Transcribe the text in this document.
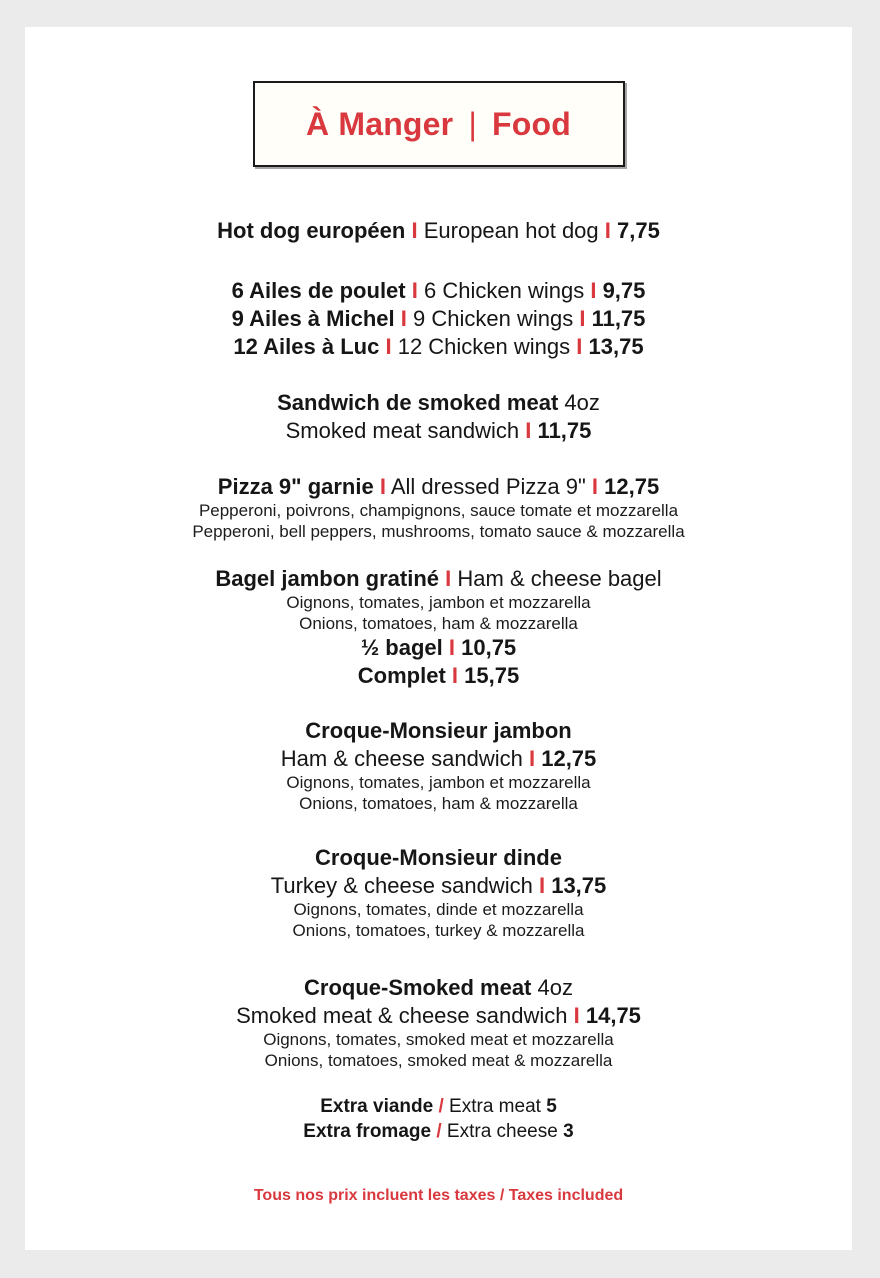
À Manger | Food
Hot dog européen I European hot dog I 7,75
6 Ailes de poulet I 6 Chicken wings I 9,75
9 Ailes à Michel I 9 Chicken wings I 11,75
12 Ailes à Luc I 12 Chicken wings I 13,75
Sandwich de smoked meat 4oz
Smoked meat sandwich I 11,75
Pizza 9" garnie I All dressed Pizza 9" I 12,75
Pepperoni, poivrons, champignons, sauce tomate et mozzarella
Pepperoni, bell peppers, mushrooms, tomato sauce & mozzarella
Bagel jambon gratiné I Ham & cheese bagel
Oignons, tomates, jambon et mozzarella
Onions, tomatoes, ham & mozzarella
½ bagel I 10,75
Complet I 15,75
Croque-Monsieur jambon
Ham & cheese sandwich I 12,75
Oignons, tomates, jambon et mozzarella
Onions, tomatoes, ham & mozzarella
Croque-Monsieur dinde
Turkey & cheese sandwich I 13,75
Oignons, tomates, dinde et mozzarella
Onions, tomatoes, turkey & mozzarella
Croque-Smoked meat 4oz
Smoked meat & cheese sandwich I 14,75
Oignons, tomates, smoked meat et mozzarella
Onions, tomatoes, smoked meat & mozzarella
Extra viande / Extra meat 5
Extra fromage / Extra cheese 3
Tous nos prix incluent les taxes / Taxes included
